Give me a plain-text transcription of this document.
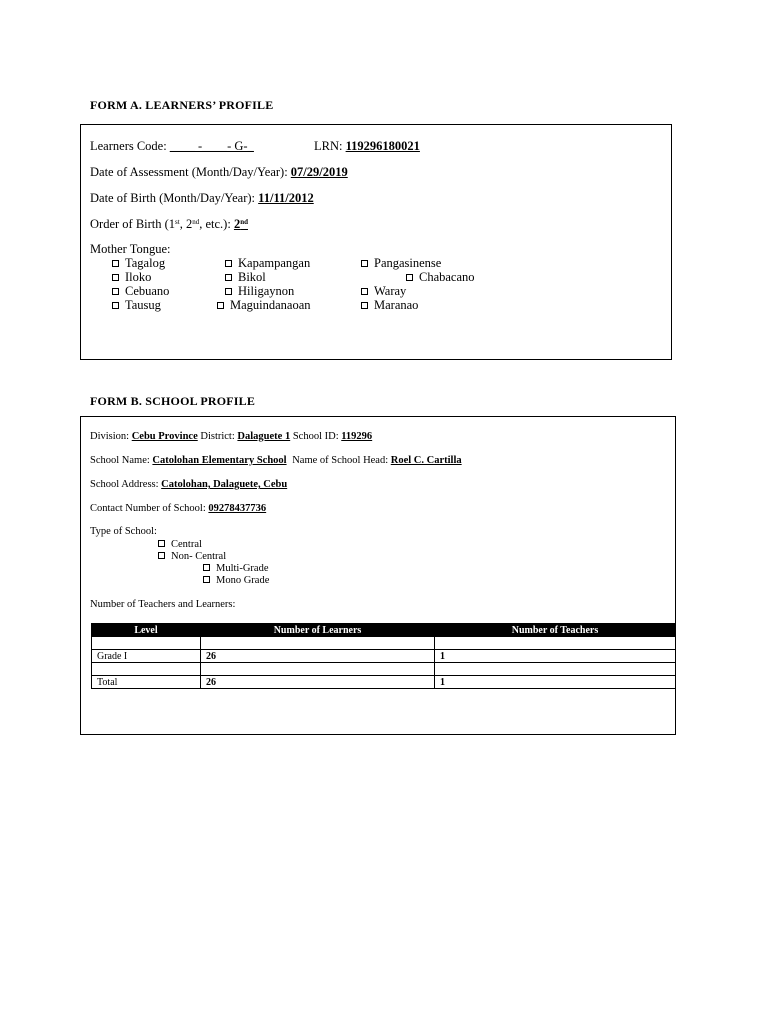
FORM A. LEARNERS’ PROFILE
Learners Code: ____ -____- G-_	LRN: 119296180021
Date of Assessment (Month/Day/Year): 07/29/2019
Date of Birth (Month/Day/Year): 11/11/2012
Order of Birth (1st, 2nd, etc.): 2nd
Mother Tongue:
Tagalog	Kapampangan	Pangasinense
Iloko	Bikol	Chabacano
Cebuano	Hiligaynon	Waray
Tausug	Maguindanaoan	Maranao
FORM B. SCHOOL PROFILE
Division: Cebu Province District: Dalaguete 1 School ID: 119296
School Name: Catolohan Elementary School Name of School Head: Roel C. Cartilla
School Address: Catolohan, Dalaguete, Cebu
Contact Number of School: 09278437736
Type of School:
Central
Non- Central
Multi-Grade
Mono Grade
Number of Teachers and Learners:
Level	Number of Learners	Number of Teachers

Grade I	26	1

Total	26	1
